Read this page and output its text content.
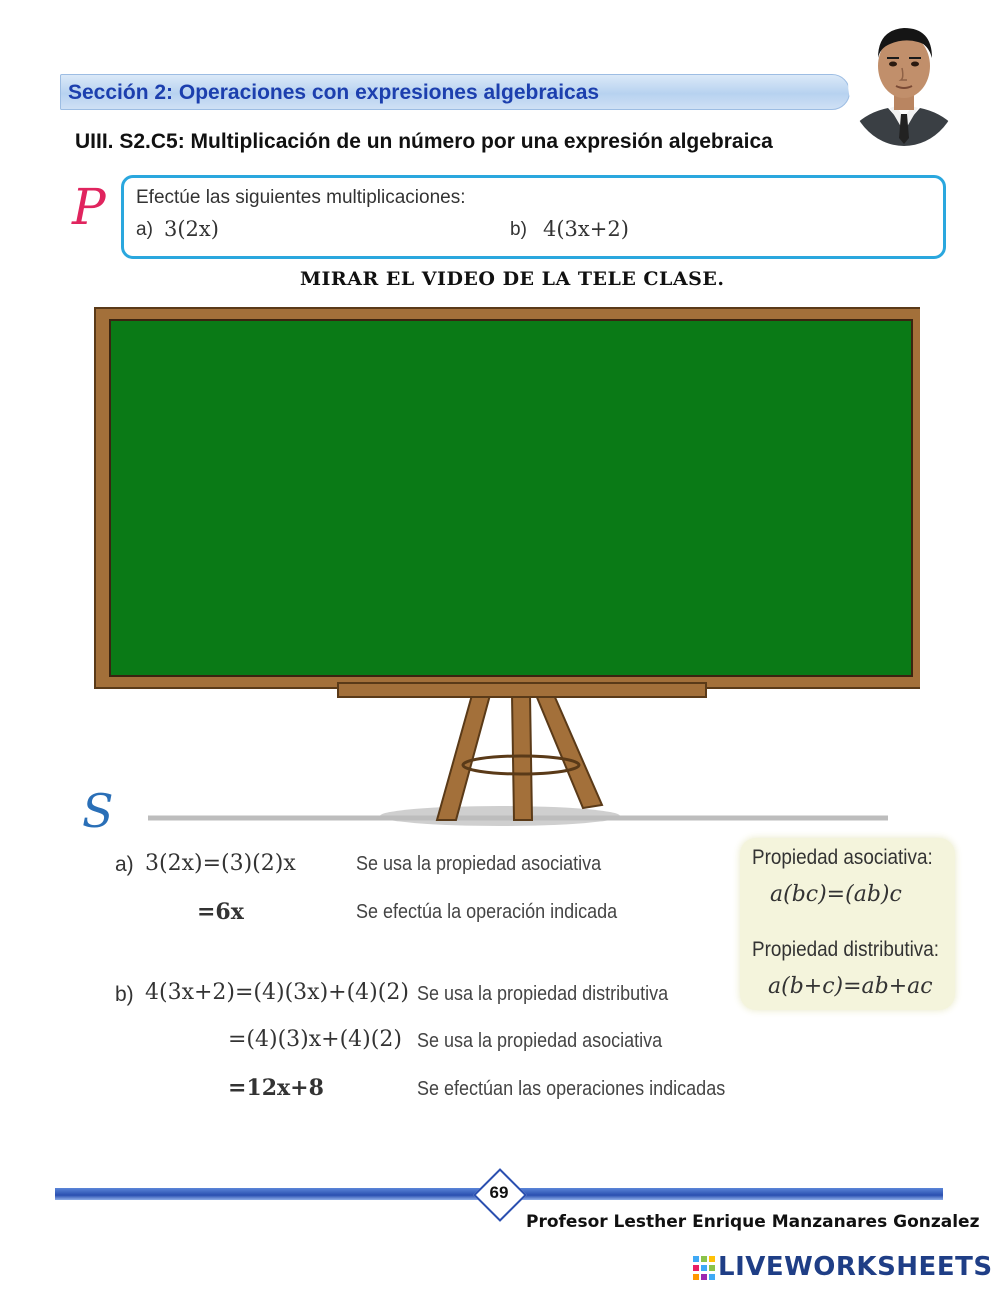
Sección 2: Operaciones con expresiones algebraicas
UIII. S2.C5: Multiplicación de un número por una expresión algebraica
P Efectúe las siguientes multiplicaciones:
a) 3(2x)	b) 4(3x+2)
MIRAR EL VIDEO DE LA TELE CLASE.
S
a) 3(2x)=(3)(2)x	Se usa la propiedad asociativa
=6x	Se efectúa la operación indicada
b) 4(3x+2)=(4)(3x)+(4)(2) Se usa la propiedad distributiva
=(4)(3)x+(4)(2) Se usa la propiedad asociativa
=12x+8	Se efectúan las operaciones indicadas
Propiedad asociativa:
a(bc)=(ab)c
Propiedad distributiva:
a(b+c)=ab+ac
69
Profesor Lesther Enrique Manzanares Gonzalez
LIVEWORKSHEETS
